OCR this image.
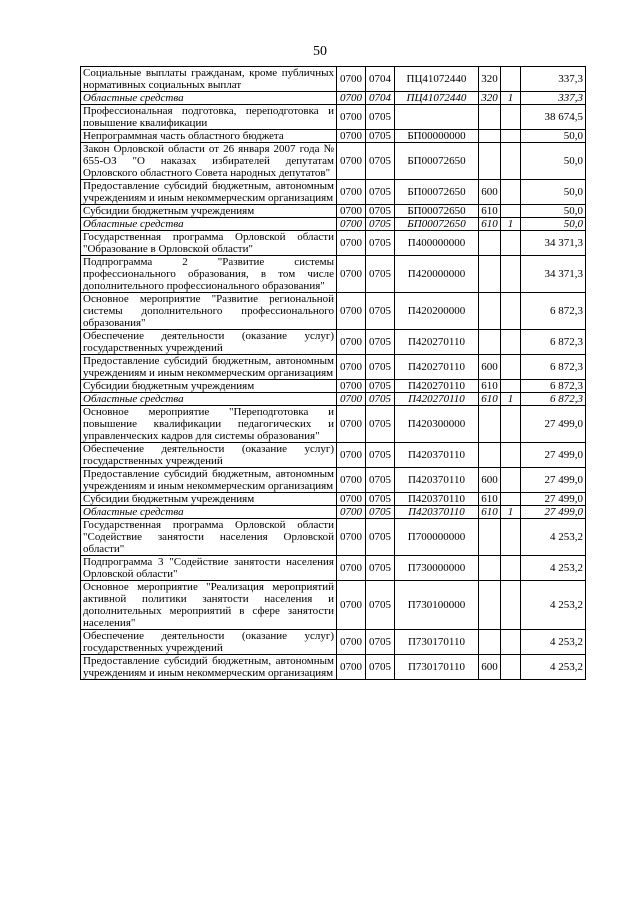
50
Социальные выплаты гражданам, кроме публичных нормативных социальных выплат	0700	0704	ПЦ41072440	320		337,3
Областные средства	0700	0704	ПЦ41072440	320	1	337,3
Профессиональная подготовка, переподготовка и повышение квалификации	0700	0705				38 674,5
Непрограммная часть областного бюджета	0700	0705	БП00000000			50,0
Закон Орловской области от 26 января 2007 года № 655-ОЗ "О наказах избирателей депутатам Орловского областного Совета народных депутатов"	0700	0705	БП00072650			50,0
Предоставление субсидий бюджетным, автономным учреждениям и иным некоммерческим организациям	0700	0705	БП00072650	600		50,0
Субсидии бюджетным учреждениям	0700	0705	БП00072650	610		50,0
Областные средства	0700	0705	БП00072650	610	1	50,0
Государственная программа Орловской области "Образование в Орловской области"	0700	0705	П400000000			34 371,3
Подпрограмма 2 "Развитие системы профессионального образования, в том числе дополнительного профессионального образования"	0700	0705	П420000000			34 371,3
Основное мероприятие "Развитие региональной системы дополнительного профессионального образования"	0700	0705	П420200000			6 872,3
Обеспечение деятельности (оказание услуг) государственных учреждений	0700	0705	П420270110			6 872,3
Предоставление субсидий бюджетным, автономным учреждениям и иным некоммерческим организациям	0700	0705	П420270110	600		6 872,3
Субсидии бюджетным учреждениям	0700	0705	П420270110	610		6 872,3
Областные средства	0700	0705	П420270110	610	1	6 872,3
Основное мероприятие "Переподготовка и повышение квалификации педагогических и управленческих кадров для системы образования"	0700	0705	П420300000			27 499,0
Обеспечение деятельности (оказание услуг) государственных учреждений	0700	0705	П420370110			27 499,0
Предоставление субсидий бюджетным, автономным учреждениям и иным некоммерческим организациям	0700	0705	П420370110	600		27 499,0
Субсидии бюджетным учреждениям	0700	0705	П420370110	610		27 499,0
Областные средства	0700	0705	П420370110	610	1	27 499,0
Государственная программа Орловской области "Содействие занятости населения Орловской области"	0700	0705	П700000000			4 253,2
Подпрограмма 3 "Содействие занятости населения Орловской области"	0700	0705	П730000000			4 253,2
Основное мероприятие "Реализация мероприятий активной политики занятости населения и дополнительных мероприятий в сфере занятости населения"	0700	0705	П730100000			4 253,2
Обеспечение деятельности (оказание услуг) государственных учреждений	0700	0705	П730170110			4 253,2
Предоставление субсидий бюджетным, автономным учреждениям и иным некоммерческим организациям	0700	0705	П730170110	600		4 253,2
